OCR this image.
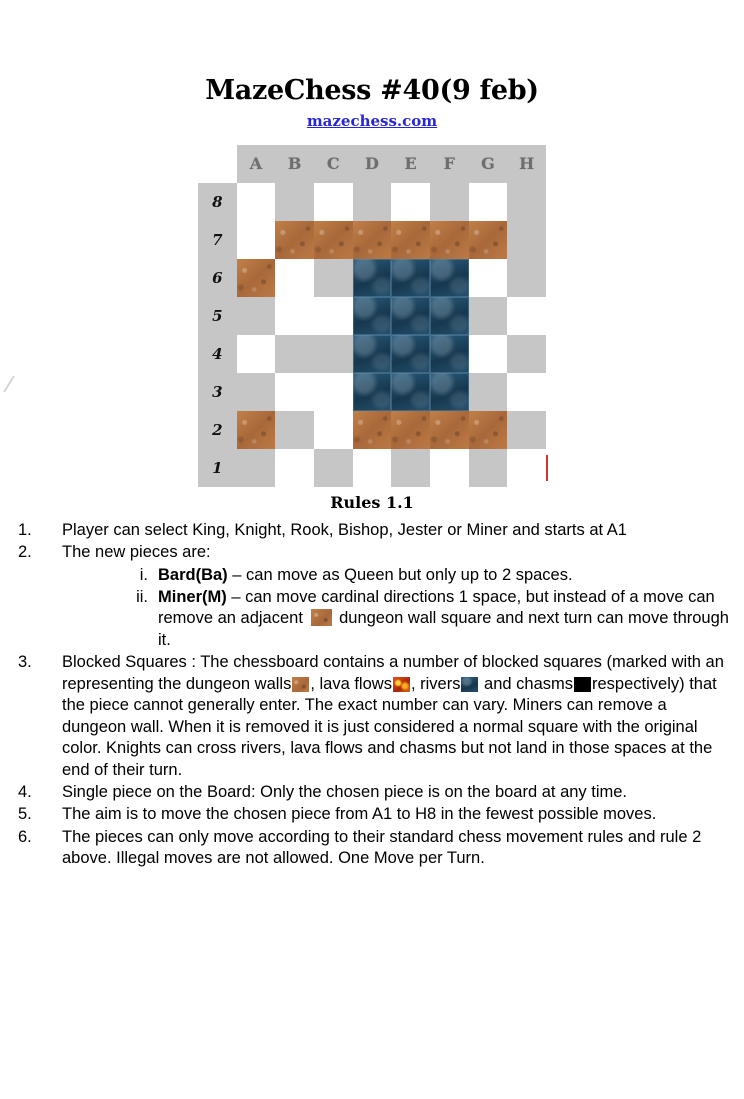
MazeChess #40(9 feb)
mazechess.com
	A	B	C	D	E	F	G	H
8								
7								
6								
5								
4								
3								
2								
1								
Rules 1.1
1.	Player can select King, Knight, Rook, Bishop, Jester or Miner and starts at A1
2.	The new pieces are:
i. Bard(Ba) – can move as Queen but only up to 2 spaces.
ii. Miner(M) – can move cardinal directions 1 space, but instead of a move can remove an adjacent  dungeon wall square and next turn can move through it.
3.	Blocked Squares : The chessboard contains a number of blocked squares (marked with an representing the dungeon walls , lava flows , rivers and chasms respectively) that the piece cannot generally enter. The exact number can vary. Miners can remove a dungeon wall. When it is removed it is just considered a normal square with the original color. Knights can cross rivers, lava flows and chasms but not land in those spaces at the end of their turn.
4.	Single piece on the Board: Only the chosen piece is on the board at any time.
5.	The aim is to move the chosen piece from A1 to H8 in the fewest possible moves.
6.	The pieces can only move according to their standard chess movement rules and rule 2 above. Illegal moves are not allowed. One Move per Turn.
